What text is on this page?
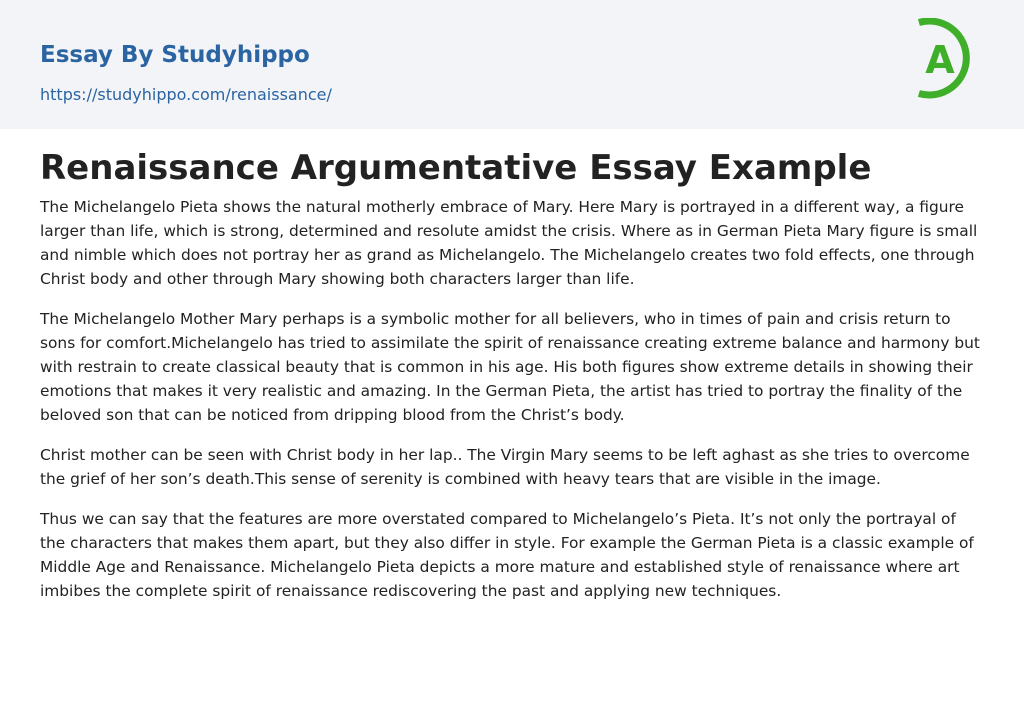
Essay By Studyhippo
https://studyhippo.com/renaissance/
A
Renaissance Argumentative Essay Example

The Michelangelo Pieta shows the natural motherly embrace of Mary. Here Mary is portrayed in a different way, a figure larger than life, which is strong, determined and resolute amidst the crisis. Where as in German Pieta Mary figure is small and nimble which does not portray her as grand as Michelangelo. The Michelangelo creates two fold effects, one through Christ body and other through Mary showing both characters larger than life.

The Michelangelo Mother Mary perhaps is a symbolic mother for all believers, who in times of pain and crisis return to sons for comfort.Michelangelo has tried to assimilate the spirit of renaissance creating extreme balance and harmony but with restrain to create classical beauty that is common in his age. His both figures show extreme details in showing their emotions that makes it very realistic and amazing. In the German Pieta, the artist has tried to portray the finality of the beloved son that can be noticed from dripping blood from the Christ’s body.

Christ mother can be seen with Christ body in her lap.. The Virgin Mary seems to be left aghast as she tries to overcome the grief of her son’s death.This sense of serenity is combined with heavy tears that are visible in the image.

Thus we can say that the features are more overstated compared to Michelangelo’s Pieta. It’s not only the portrayal of the characters that makes them apart, but they also differ in style. For example the German Pieta is a classic example of Middle Age and Renaissance. Michelangelo Pieta depicts a more mature and established style of renaissance where art imbibes the complete spirit of renaissance rediscovering the past and applying new techniques.
